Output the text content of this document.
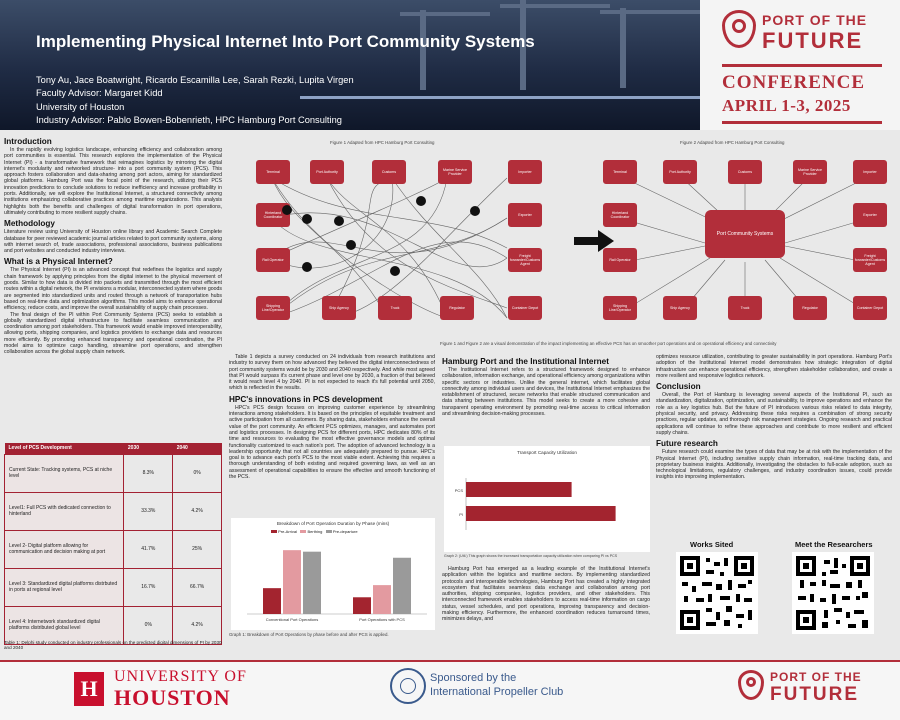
Implementing Physical Internet Into Port Community Systems
Tony Au, Jace Boatwright, Ricardo Escamilla Lee, Sarah Rezki, Lupita Virgen
Faculty Advisor: Margaret Kidd
University of Houston
Industry Advisor: Pablo Bowen-Bobenrieth, HPC Hamburg Port Consulting
PORT OF THE
FUTURE
CONFERENCE
APRIL 1-3, 2025
Introduction

In the rapidly evolving logistics landscape, enhancing efficiency and collaboration among port communities is essential. This research explores the implementation of the Physical Internet (PI) - a transformative framework that reimagines logistics by mirroring the digital internet's modularity and networked structure- into a port community system (PCS). This approach fosters collaboration and data-sharing among port actors, aiming for standardized global platforms. Hamburg Port was the focal point of the research, utilizing their PCS innovation predictions to conclude solutions to reduce inefficiency and increase profitability in ports. Additionally, we will explore the Institutional Internet, a structured connectivity among institutions emphasizing collaborative practices among maritime organizations. This analysis highlights both the benefits and challenges of digital transformation in port operations, ultimately contributing to more resilient supply chains.

Methodology

Literature review using University of Houston online library and Academic Search Complete database for peer reviewed academic journal articles related to port community systems, along with internet search of, trade associations, professional associations, business publications and port websites and conducted industry interviews.

What is a Physical Internet?

The Physical Internet (PI) is an advanced concept that redefines the logistics and supply chain framework by applying principles from the digital internet to the physical movement of goods. Similar to how data is divided into packets and transmitted through the most efficient routes within a digital network, the PI envisions a modular, interconnected system where goods are segmented into standardized units and routed through a network of transportation hubs based on real-time data and optimization algorithms. This model aims to enhance operational efficiency, reduce costs, and improve the overall sustainability of supply chain processes.

The final design of the PI within Port Community Systems (PCS) seeks to establish a globally standardized digital infrastructure to facilitate seamless communication and coordination among port stakeholders. This framework would enable improved interoperability, allowing ports, shipping companies, and logistics providers to exchange data and resources more efficiently. By promoting enhanced transparency and operational coordination, the PI model aims to optimize cargo handling, streamline port operations, and strengthen collaboration across the global supply chain network.

Level of PCS Development	2030	2040
Current State: Tracking systems, PCS at niche level	8.3%	0%
Level1: Full PCS with dedicated connection to hinterland	33.3%	4.2%
Level 2- Digital platform allowing for communication and decision making at port	41.7%	25%
Level 3: Standardized digital platforms distrbuted in ports at regional level	16.7%	66.7%
Level 4: Internetwork standardized digital platforms distributed global level	0%	4.2%
Table 1: Delphi study conducted on industry professionals on the predicted digital dimensions of PI by 2030 and 2040
Figure 1 Adapted from HPC Hamburg Port Consulting
Terminal	Port Authority	Customs
Marine Service Provider
Importer
Hinterland Coordinator
Exporter
Rail Operator
Freight forwarder/Customs Agent
Shipping Line/Operator
Ship Agency	Truck	Regulator	Container Depot
Figure 2 Adapted from HPC Hamburg Port Consulting
Port Community Systems
Terminal	Port Authority	Customs
Marine Service Provider
Importer
Hinterland Coordinator
Exporter
Rail Operator
Freight forwarder/Customs Agent
Shipping Line/Operator
Ship Agency	Truck	Regulator	Container Depot
Figure 1 and Figure 2 are a visual demonstration of the impact implementing an effective PCS has on smoother port operations and on operational efficiency and connectivity

Table 1 depicts a survey conducted on 24 individuals from research institutions and industry to survey them on how advanced they believed the digital interconnectedness of port community systems would be by 2030 and 2040 respectively. And while most agreed that PI would surpass it's current phase and level one by 2030, a fraction of that believed it would reach level 4 by 2040. PI is not expected to reach it's full potential until 2050, which is reflected in the results.

HPC's innovations in PCS development

HPC's PCS design focuses on improving customer experience by streamlining interactions among stakeholders. It is based on the principles of equitable treatment and active participation from all customers. By sharing data, stakeholders enhance the overall value of the port community. An efficient PCS optimizes, manages, and automates port and logistics processes. In designing PCS for different ports, HPC dedicates 80% of its time and resources to evaluating the most effective governance models and optimal functionality customized to each nation's port. The adoption of advanced technology is a leadership opportunity that not all countries are adequately prepared to pursue. HPC's goal is to advance each port's PCS to the most viable extent. Achieving this requires a thorough understanding of both existing and required governing laws, as well as an assessment of operational capabilities to ensure the effective and smooth functioning of the PCS.

Breakdown of Port Operation Duration by Phase (mins)
Pre-Arrival	Berthing	Pre-departure
Conventional Port Operations	Port Operations with PCS
Graph 1: Breakdown of Port Operations by phase before and after PCS is applied.
Hamburg Port and the Institutional Internet

The Institutional Internet refers to a structured framework designed to enhance collaboration, information exchange, and operational efficiency among organizations within specific sectors or industries. Unlike the general internet, which facilitates global connectivity among individual users and devices, the Institutional Internet emphasizes the establishment of structured, secure networks that enable structured communication and data sharing between institutions. This model seeks to create a more cohesive and transparent operating environment by promoting real-time access to critical information and streamlining decision-making processes.

Transport Capacity Utilization
PCS
PI
Graph 2: (Util.) This graph shows the increased transportation capacity utilization when comparing PI vs PCS

Hamburg Port has emerged as a leading example of the Institutional Internet's application within the logistics and maritime sectors. By implementing standardized protocols and interoperable technologies, Hamburg Port has created a highly integrated ecosystem that facilitates seamless data exchange and collaboration among port authorities, shipping companies, logistics providers, and other stakeholders. This interconnected framework enables stakeholders to access real-time information on cargo status, vessel schedules, and port operations, improving transparency and decision-making efficiency. Furthermore, the enhanced coordination reduces turnaround times, minimizes delays, and

optimizes resource utilization, contributing to greater sustainability in port operations. Hamburg Port's adoption of the Institutional Internet model demonstrates how strategic integration of digital infrastructure can enhance operational efficiency, strengthen stakeholder collaboration, and create a more resilient and responsive logistics network.

Conclusion

Overall, the Port of Hamburg is leveraging several aspects of the Institutional PI, such as standardization, digitalization, optimization, and sustainability, to improve operations and enhance the role as a key logistics hub. But the future of PI introduces various risks related to data integrity, physical security, and privacy. Addressing these risks requires a combination of strong security practices, regular updates, and thorough risk management strategies. Ongoing research and practical applications will continue to refine these approaches and contribute to more resilient and efficient supply chains.

Future research

Future research could examine the types of data that may be at risk with the implementation of the Physical Internet (PI), including sensitive supply chain information, real-time tracking data, and proprietary business insights. Additionally, investigating the obstacles to full-scale adoption, such as technological limitations, regulatory challenges, and industry coordination issues, could provide insights into improving implementation.

Works Sited	Meet the Researchers
H	UNIVERSITY OF
HOUSTON
Sponsored by the
International Propeller Club
PORT OF THE
FUTURE
